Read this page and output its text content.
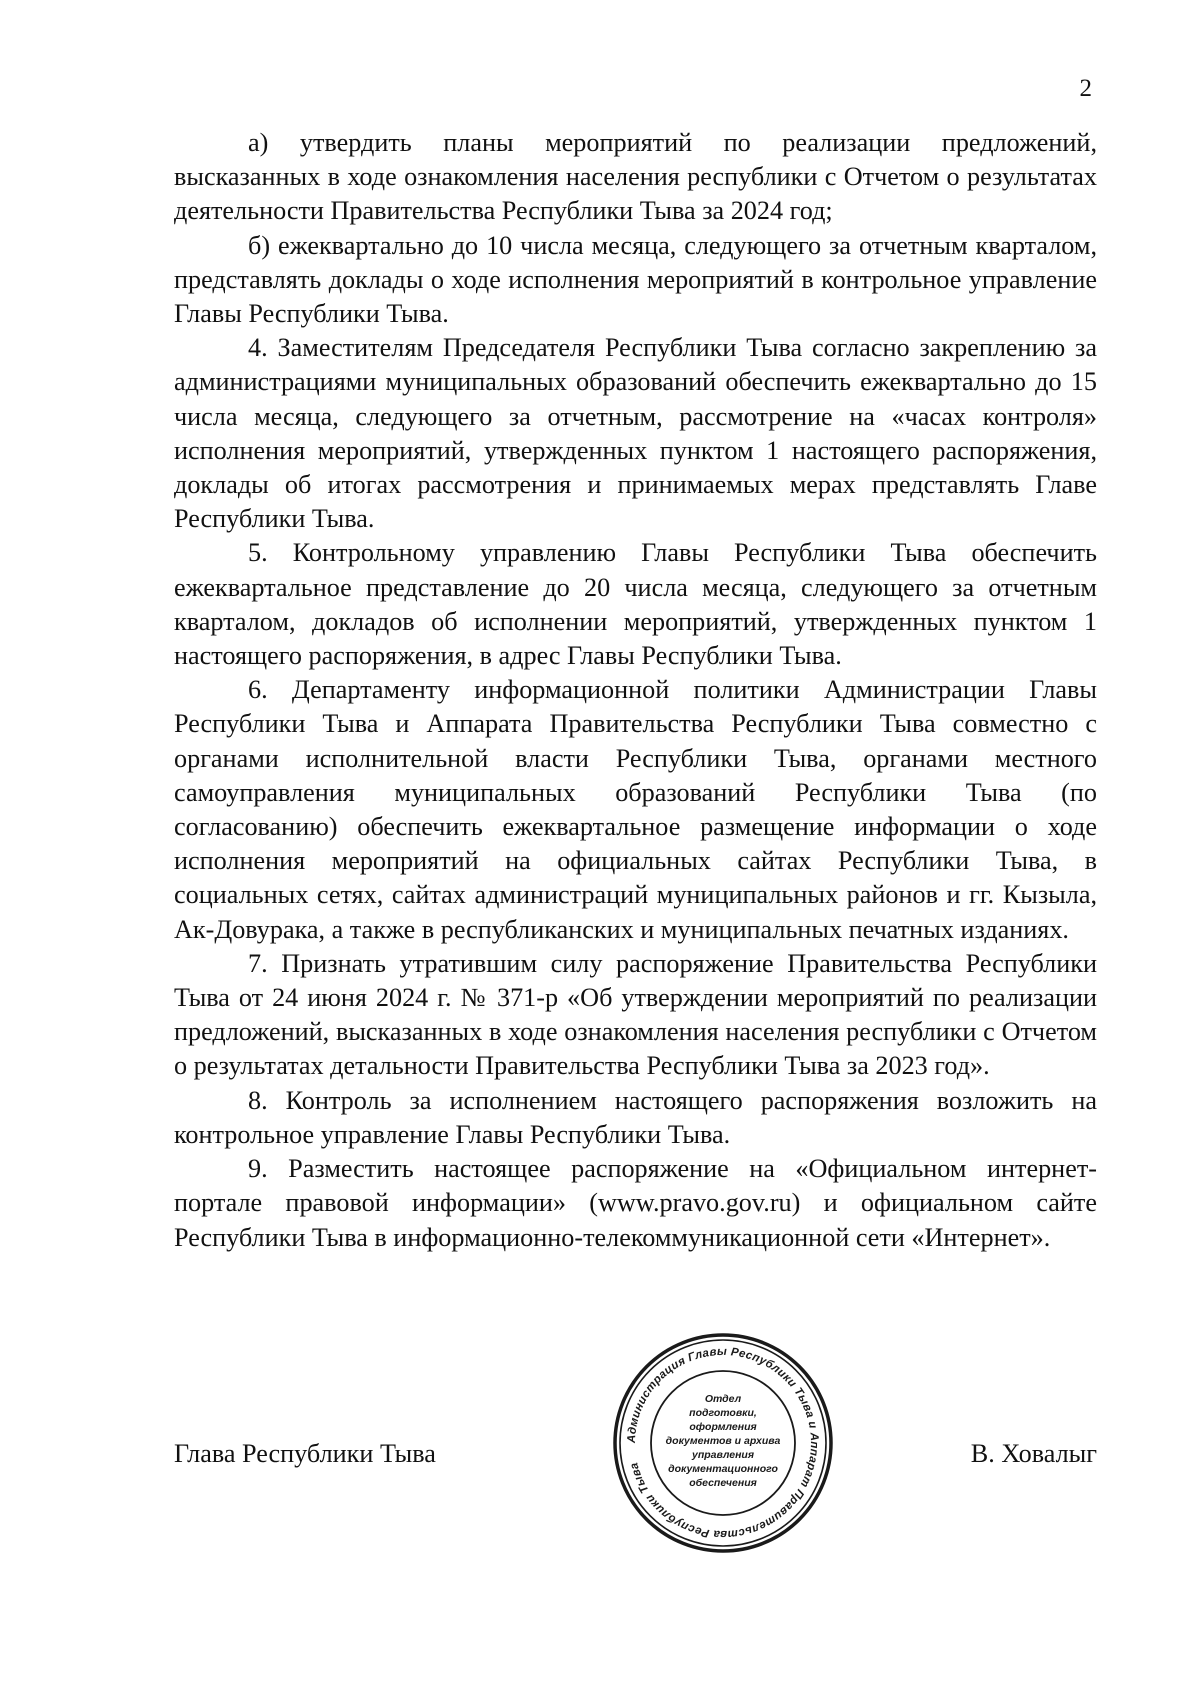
2

а) утвердить планы мероприятий по реализации предложений, высказанных в ходе ознакомления населения республики с Отчетом о результатах деятельности Правительства Республики Тыва за 2024 год;

б) ежеквартально до 10 числа месяца, следующего за отчетным кварталом, представлять доклады о ходе исполнения мероприятий в контрольное управление Главы Республики Тыва.

4. Заместителям Председателя Республики Тыва согласно закреплению за администрациями муниципальных образований обеспечить ежеквартально до 15 числа месяца, следующего за отчетным, рассмотрение на «часах контроля» исполнения мероприятий, утвержденных пунктом 1 настоящего распоряжения, доклады об итогах рассмотрения и принимаемых мерах представлять Главе Республики Тыва.

5. Контрольному управлению Главы Республики Тыва обеспечить ежеквартальное представление до 20 числа месяца, следующего за отчетным кварталом, докладов об исполнении мероприятий, утвержденных пунктом 1 настоящего распоряжения, в адрес Главы Республики Тыва.

6. Департаменту информационной политики Администрации Главы Республики Тыва и Аппарата Правительства Республики Тыва совместно с органами исполнительной власти Республики Тыва, органами местного самоуправления муниципальных образований Республики Тыва (по согласованию) обеспечить ежеквартальное размещение информации о ходе исполнения мероприятий на официальных сайтах Республики Тыва, в социальных сетях, сайтах администраций муниципальных районов и гг. Кызыла, Ак-Довурака, а также в республиканских и муниципальных печатных изданиях.

7. Признать утратившим силу распоряжение Правительства Республики Тыва от 24 июня 2024 г. № 371-р «Об утверждении мероприятий по реализации предложений, высказанных в ходе ознакомления населения республики с Отчетом о результатах детальности Правительства Республики Тыва за 2023 год».

8. Контроль за исполнением настоящего распоряжения возложить на контрольное управление Главы Республики Тыва.

9. Разместить настоящее распоряжение на «Официальном интернет-портале правовой информации» (www.pravo.gov.ru) и официальном сайте Республики Тыва в информационно-телекоммуникационной сети «Интернет».

Глава Республики Тыва	В. Ховалыг
Администрация Главы Республики Тыва и Аппарат Правительства Республики Тыва
Отдел
подготовки,
оформления
документов и архива
управления
документационного
обеспечения
